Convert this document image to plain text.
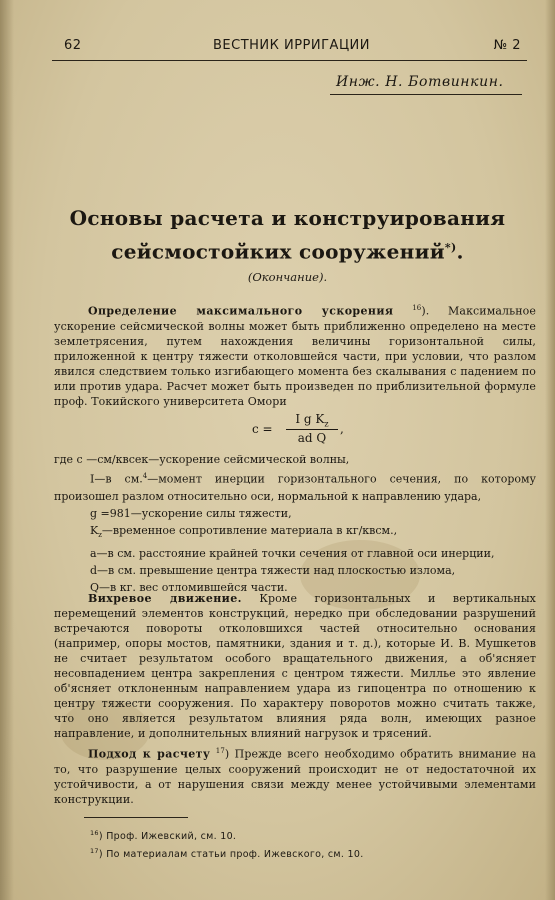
62	ВЕСТНИК ИРРИГАЦИИ	№ 2
Инж. Н. Ботвинкин.
Основы расчета и конструирования
сейсмостойких сооружений*).
(Окончание).
Определение максимального ускорения	$^{16}$). Максимальное ускорение сейсмической волны может быть приближенно определено на месте землетрясения, путем нахождения величины горизонтальной силы, приложенной к центру тяжести отколовшейся части, при условии, что разлом явился следствием только изгибающего момента без скалывания с падением по или против удара. Расчет может быть произведен по приблизительной формуле проф. Токийского университета Омори
$c = \frac{I g K_z}{\text{ad Q}}$ ,
где c —см/квсек—ускорение сейсмической волны,
I—в см.$^4$—момент инерции горизонтального сечения, по которому произошел разлом относительно оси, нормальной к направлению удара,
g =981—ускорение силы тяжести,
$K_z—временное$ сопротивление материала в кг/квсм.,
a—в см. расстояние крайней точки сечения от главной оси инерции,
d—в см. превышение центра тяжести над плоскостью излома,
Q—в кг. вес отломившейся части.
Вихревое движение. Кроме горизонтальных и вертикальных перемещений элементов конструкций, нередко при обследовании разрушений встречаются повороты отколовшихся частей относительно основания (например, опоры мостов, памятники, здания и т. д.), которые И. В. Мушкетов не считает результатом особого вращательного движения, а об'ясняет несовпадением центра закрепления с центром тяжести. Миллье это явление об'ясняет отклоненным направлением удара из гипоцентра по отношению к центру тяжести сооружения. По характеру поворотов можно считать также, что оно является результатом влияния ряда волн, имеющих разное направление, и дополнительных влияний нагрузок и трясений.
Подход к расчету $^{17}$) Прежде всего необходимо обратить внимание на то, что разрушение целых сооружений происходит не от недостаточной их устойчивости, а от нарушения связи между менее устойчивыми элементами конструкции.
$^{16}$) Проф. Ижевский, см. 10.
$^{17}$) По материалам статьи проф. Ижевского, см. 10.
